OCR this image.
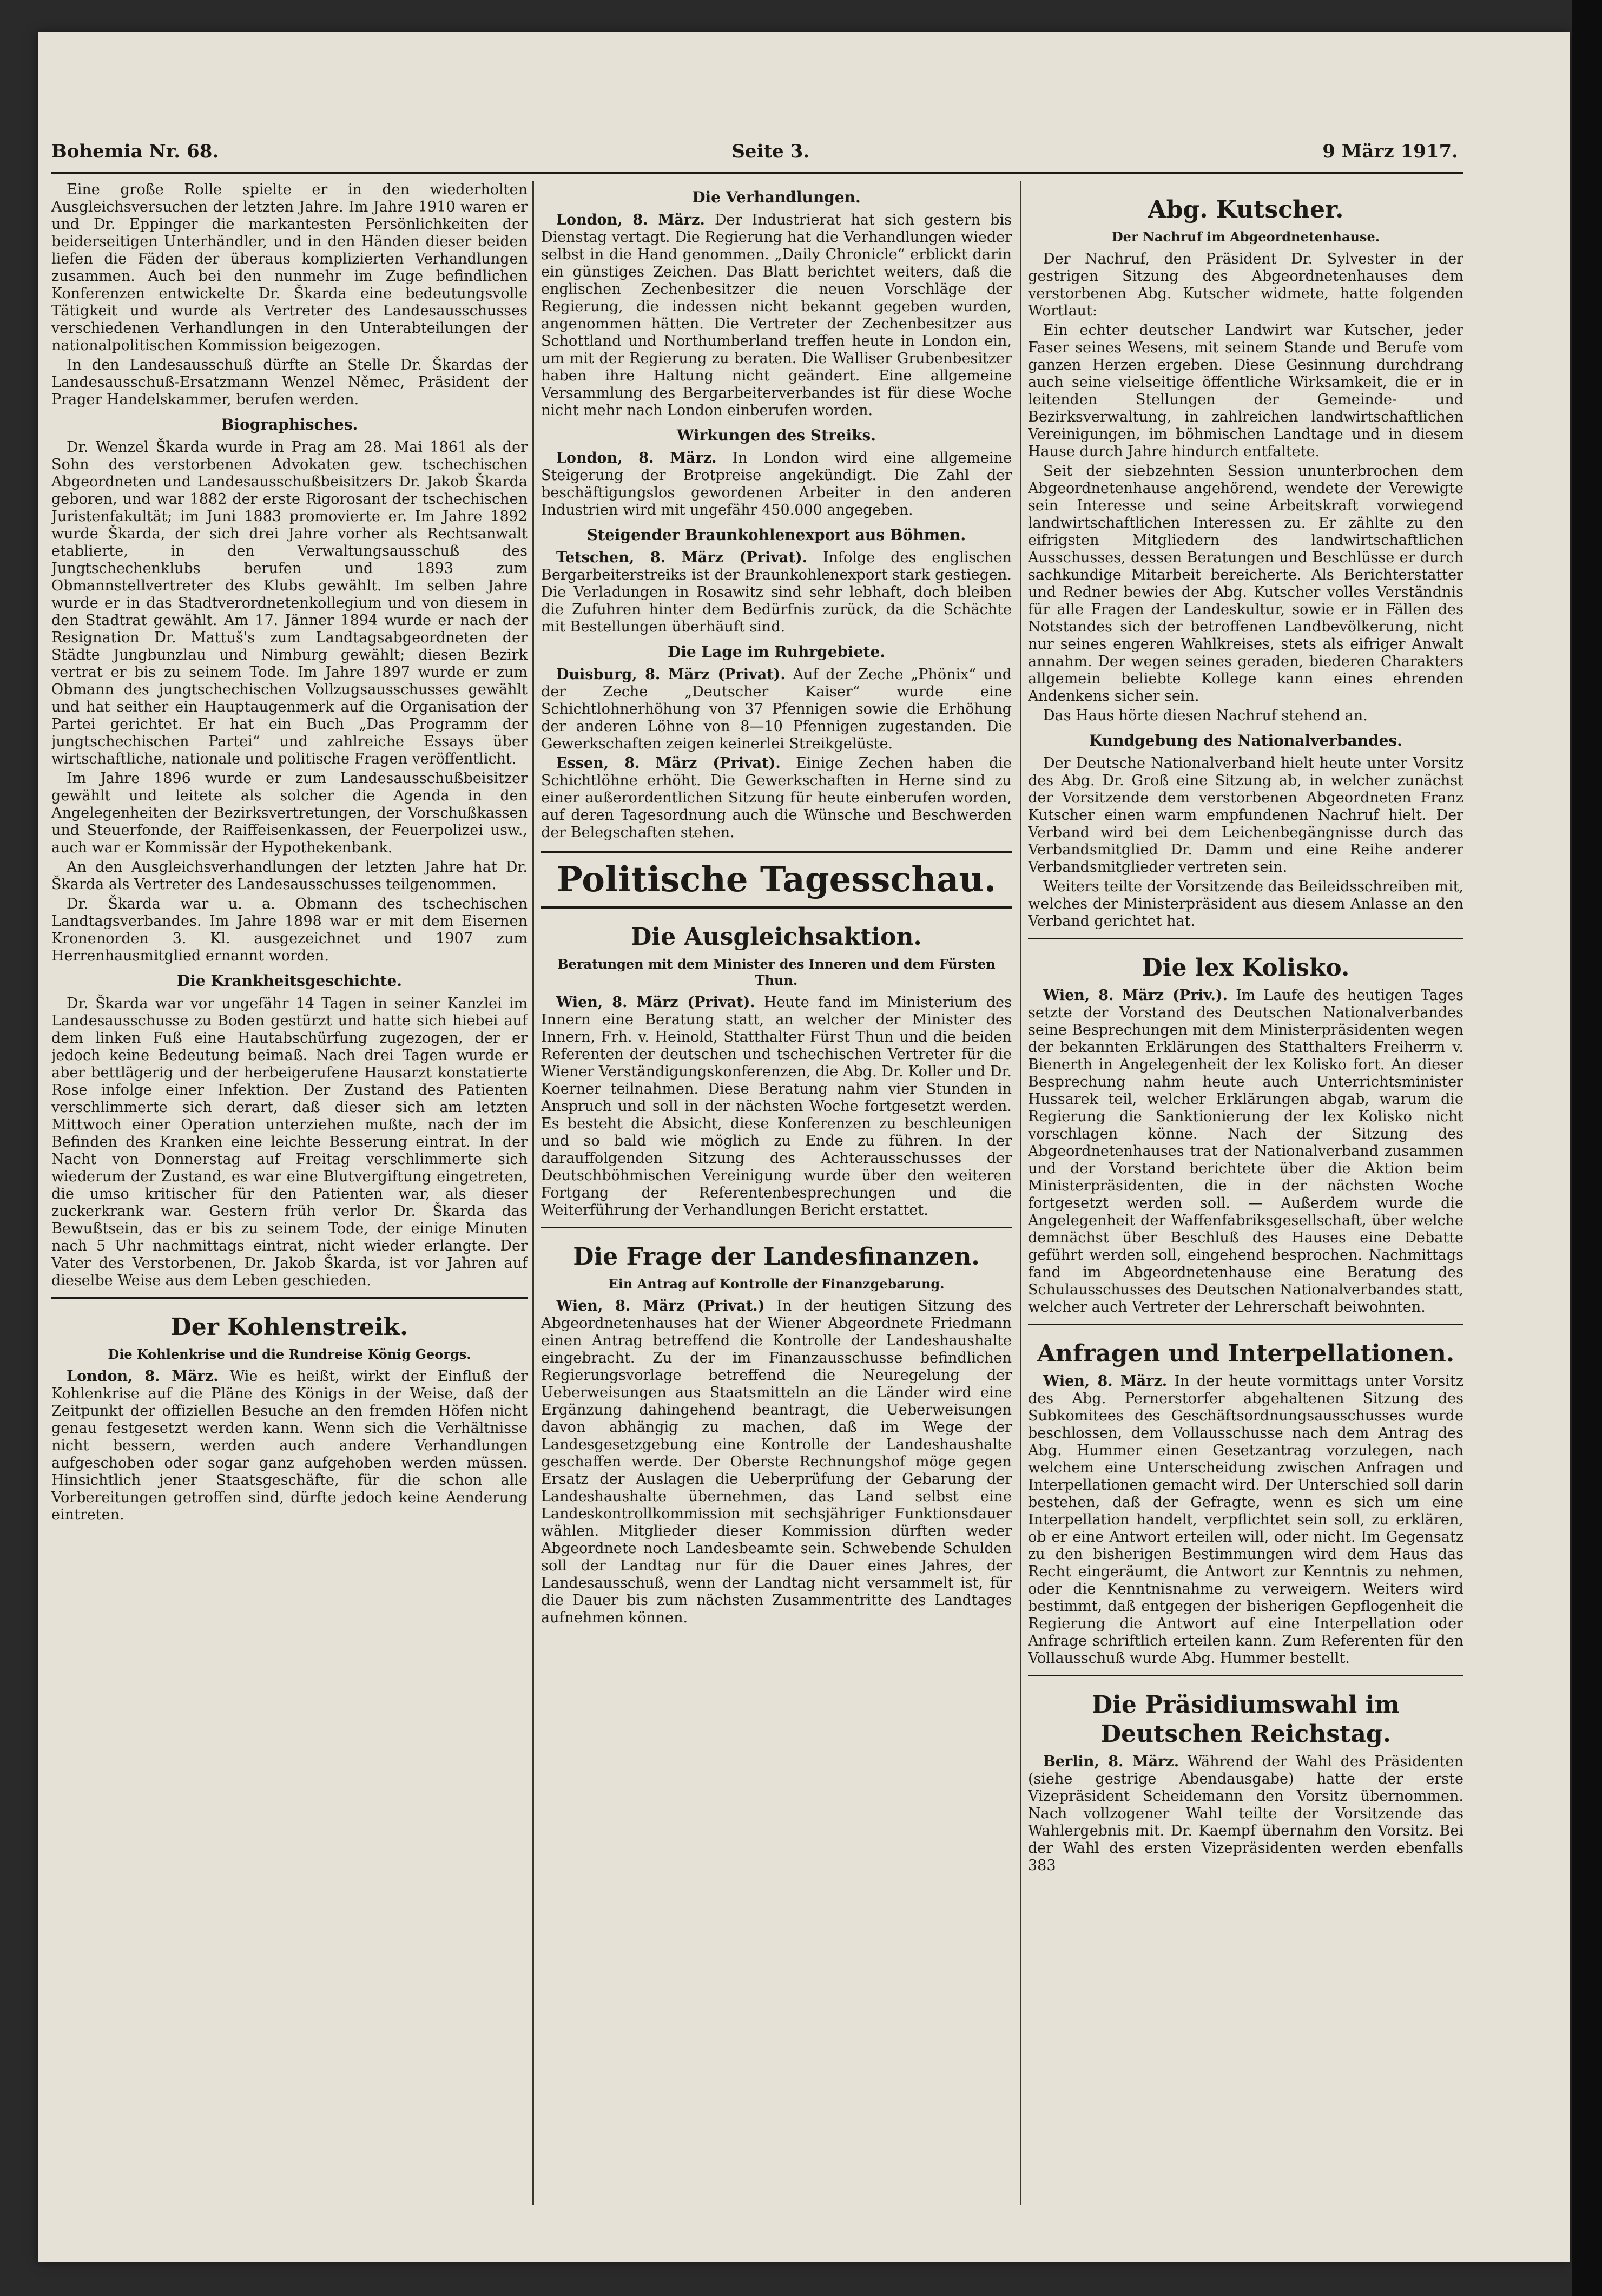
Bohemia Nr. 68.	Seite 3.	9 März 1917.

Eine große Rolle spielte er in den wiederholten Ausgleichsversuchen der letzten Jahre. Im Jahre 1910 waren er und Dr. Eppinger die markantesten Persönlichkeiten der beiderseitigen Unterhändler, und in den Händen dieser beiden liefen die Fäden der überaus komplizierten Verhandlungen zusammen. Auch bei den nunmehr im Zuge befindlichen Konferenzen entwickelte Dr. Škarda eine bedeutungsvolle Tätigkeit und wurde als Vertreter des Landesausschusses verschiedenen Verhandlungen in den Unterabteilungen der nationalpolitischen Kommission beigezogen.

In den Landesausschuß dürfte an Stelle Dr. Škardas der Landesausschuß-Ersatzmann Wenzel Němec, Präsident der Prager Handelskammer, berufen werden.

Biographisches.

Dr. Wenzel Škarda wurde in Prag am 28. Mai 1861 als der Sohn des verstorbenen Advokaten gew. tschechischen Abgeordneten und Landesausschußbeisitzers Dr. Jakob Škarda geboren, und war 1882 der erste Rigorosant der tschechischen Juristenfakultät; im Juni 1883 promovierte er. Im Jahre 1892 wurde Škarda, der sich drei Jahre vorher als Rechtsanwalt etablierte, in den Verwaltungsausschuß des Jungtschechenklubs berufen und 1893 zum Obmannstellvertreter des Klubs gewählt. Im selben Jahre wurde er in das Stadtverordnetenkollegium und von diesem in den Stadtrat gewählt. Am 17. Jänner 1894 wurde er nach der Resignation Dr. Mattuš's zum Landtagsabgeordneten der Städte Jungbunzlau und Nimburg gewählt; diesen Bezirk vertrat er bis zu seinem Tode. Im Jahre 1897 wurde er zum Obmann des jungtschechischen Vollzugsausschusses gewählt und hat seither ein Hauptaugenmerk auf die Organisation der Partei gerichtet. Er hat ein Buch „Das Programm der jungtschechischen Partei“ und zahlreiche Essays über wirtschaftliche, nationale und politische Fragen veröffentlicht.

Im Jahre 1896 wurde er zum Landesausschußbeisitzer gewählt und leitete als solcher die Agenda in den Angelegenheiten der Bezirksvertretungen, der Vorschußkassen und Steuerfonde, der Raiffeisenkassen, der Feuerpolizei usw., auch war er Kommissär der Hypothekenbank.

An den Ausgleichsverhandlungen der letzten Jahre hat Dr. Škarda als Vertreter des Landesausschusses teilgenommen.

Dr. Škarda war u. a. Obmann des tschechischen Landtagsverbandes. Im Jahre 1898 war er mit dem Eisernen Kronenorden 3. Kl. ausgezeichnet und 1907 zum Herrenhausmitglied ernannt worden.

Die Krankheitsgeschichte.

Dr. Škarda war vor ungefähr 14 Tagen in seiner Kanzlei im Landesausschusse zu Boden gestürzt und hatte sich hiebei auf dem linken Fuß eine Hautabschürfung zugezogen, der er jedoch keine Bedeutung beimaß. Nach drei Tagen wurde er aber bettlägerig und der herbeigerufene Hausarzt konstatierte Rose infolge einer Infektion. Der Zustand des Patienten verschlimmerte sich derart, daß dieser sich am letzten Mittwoch einer Operation unterziehen mußte, nach der im Befinden des Kranken eine leichte Besserung eintrat. In der Nacht von Donnerstag auf Freitag verschlimmerte sich wiederum der Zustand, es war eine Blutvergiftung eingetreten, die umso kritischer für den Patienten war, als dieser zuckerkrank war. Gestern früh verlor Dr. Škarda das Bewußtsein, das er bis zu seinem Tode, der einige Minuten nach 5 Uhr nachmittags eintrat, nicht wieder erlangte. Der Vater des Verstorbenen, Dr. Jakob Škarda, ist vor Jahren auf dieselbe Weise aus dem Leben geschieden.

Der Kohlenstreik.
Die Kohlenkrise und die Rundreise König Georgs.

London, 8. März. Wie es heißt, wirkt der Einfluß der Kohlenkrise auf die Pläne des Königs in der Weise, daß der Zeitpunkt der offiziellen Besuche an den fremden Höfen nicht genau festgesetzt werden kann. Wenn sich die Verhältnisse nicht bessern, werden auch andere Verhandlungen aufgeschoben oder sogar ganz aufgehoben werden müssen. Hinsichtlich jener Staatsgeschäfte, für die schon alle Vorbereitungen getroffen sind, dürfte jedoch keine Aenderung eintreten.

Die Verhandlungen.

London, 8. März. Der Industrierat hat sich gestern bis Dienstag vertagt. Die Regierung hat die Verhandlungen wieder selbst in die Hand genommen. „Daily Chronicle“ erblickt darin ein günstiges Zeichen. Das Blatt berichtet weiters, daß die englischen Zechenbesitzer die neuen Vorschläge der Regierung, die indessen nicht bekannt gegeben wurden, angenommen hätten. Die Vertreter der Zechenbesitzer aus Schottland und Northumberland treffen heute in London ein, um mit der Regierung zu beraten. Die Walliser Grubenbesitzer haben ihre Haltung nicht geändert. Eine allgemeine Versammlung des Bergarbeiterverbandes ist für diese Woche nicht mehr nach London einberufen worden.

Wirkungen des Streiks.

London, 8. März. In London wird eine allgemeine Steigerung der Brotpreise angekündigt. Die Zahl der beschäftigungslos gewordenen Arbeiter in den anderen Industrien wird mit ungefähr 450.000 angegeben.

Steigender Braunkohlenexport aus Böhmen.

Tetschen, 8. März (Privat). Infolge des englischen Bergarbeiterstreiks ist der Braunkohlenexport stark gestiegen. Die Verladungen in Rosawitz sind sehr lebhaft, doch bleiben die Zufuhren hinter dem Bedürfnis zurück, da die Schächte mit Bestellungen überhäuft sind.

Die Lage im Ruhrgebiete.

Duisburg, 8. März (Privat). Auf der Zeche „Phönix“ und der Zeche „Deutscher Kaiser“ wurde eine Schichtlohnerhöhung von 37 Pfennigen sowie die Erhöhung der anderen Löhne von 8—10 Pfennigen zugestanden. Die Gewerkschaften zeigen keinerlei Streikgelüste.

Essen, 8. März (Privat). Einige Zechen haben die Schichtlöhne erhöht. Die Gewerkschaften in Herne sind zu einer außerordentlichen Sitzung für heute einberufen worden, auf deren Tagesordnung auch die Wünsche und Beschwerden der Belegschaften stehen.

Politische Tagesschau.
Die Ausgleichsaktion.
Beratungen mit dem Minister des Inneren und dem Fürsten Thun.

Wien, 8. März (Privat). Heute fand im Ministerium des Innern eine Beratung statt, an welcher der Minister des Innern, Frh. v. Heinold, Statthalter Fürst Thun und die beiden Referenten der deutschen und tschechischen Vertreter für die Wiener Verständigungskonferenzen, die Abg. Dr. Koller und Dr. Koerner teilnahmen. Diese Beratung nahm vier Stunden in Anspruch und soll in der nächsten Woche fortgesetzt werden. Es besteht die Absicht, diese Konferenzen zu beschleunigen und so bald wie möglich zu Ende zu führen. In der darauffolgenden Sitzung des Achterausschusses der Deutschböhmischen Vereinigung wurde über den weiteren Fortgang der Referentenbesprechungen und die Weiterführung der Verhandlungen Bericht erstattet.

Die Frage der Landesfinanzen.
Ein Antrag auf Kontrolle der Finanzgebarung.

Wien, 8. März (Privat.) In der heutigen Sitzung des Abgeordnetenhauses hat der Wiener Abgeordnete Friedmann einen Antrag betreffend die Kontrolle der Landeshaushalte eingebracht. Zu der im Finanzausschusse befindlichen Regierungsvorlage betreffend die Neuregelung der Ueberweisungen aus Staatsmitteln an die Länder wird eine Ergänzung dahingehend beantragt, die Ueberweisungen davon abhängig zu machen, daß im Wege der Landesgesetzgebung eine Kontrolle der Landeshaushalte geschaffen werde. Der Oberste Rechnungshof möge gegen Ersatz der Auslagen die Ueberprüfung der Gebarung der Landeshaushalte übernehmen, das Land selbst eine Landeskontrollkommission mit sechsjähriger Funktionsdauer wählen. Mitglieder dieser Kommission dürften weder Abgeordnete noch Landesbeamte sein. Schwebende Schulden soll der Landtag nur für die Dauer eines Jahres, der Landesausschuß, wenn der Landtag nicht versammelt ist, für die Dauer bis zum nächsten Zusammentritte des Landtages aufnehmen können.

Abg. Kutscher.
Der Nachruf im Abgeordnetenhause.

Der Nachruf, den Präsident Dr. Sylvester in der gestrigen Sitzung des Abgeordnetenhauses dem verstorbenen Abg. Kutscher widmete, hatte folgenden Wortlaut:

Ein echter deutscher Landwirt war Kutscher, jeder Faser seines Wesens, mit seinem Stande und Berufe vom ganzen Herzen ergeben. Diese Gesinnung durchdrang auch seine vielseitige öffentliche Wirksamkeit, die er in leitenden Stellungen der Gemeinde- und Bezirksverwaltung, in zahlreichen landwirtschaftlichen Vereinigungen, im böhmischen Landtage und in diesem Hause durch Jahre hindurch entfaltete.

Seit der siebzehnten Session ununterbrochen dem Abgeordnetenhause angehörend, wendete der Verewigte sein Interesse und seine Arbeitskraft vorwiegend landwirtschaftlichen Interessen zu. Er zählte zu den eifrigsten Mitgliedern des landwirtschaftlichen Ausschusses, dessen Beratungen und Beschlüsse er durch sachkundige Mitarbeit bereicherte. Als Berichterstatter und Redner bewies der Abg. Kutscher volles Verständnis für alle Fragen der Landeskultur, sowie er in Fällen des Notstandes sich der betroffenen Landbevölkerung, nicht nur seines engeren Wahlkreises, stets als eifriger Anwalt annahm. Der wegen seines geraden, biederen Charakters allgemein beliebte Kollege kann eines ehrenden Andenkens sicher sein.

Das Haus hörte diesen Nachruf stehend an.

Kundgebung des Nationalverbandes.

Der Deutsche Nationalverband hielt heute unter Vorsitz des Abg. Dr. Groß eine Sitzung ab, in welcher zunächst der Vorsitzende dem verstorbenen Abgeordneten Franz Kutscher einen warm empfundenen Nachruf hielt. Der Verband wird bei dem Leichenbegängnisse durch das Verbandsmitglied Dr. Damm und eine Reihe anderer Verbandsmitglieder vertreten sein.

Weiters teilte der Vorsitzende das Beileidsschreiben mit, welches der Ministerpräsident aus diesem Anlasse an den Verband gerichtet hat.

Die lex Kolisko.

Wien, 8. März (Priv.). Im Laufe des heutigen Tages setzte der Vorstand des Deutschen Nationalverbandes seine Besprechungen mit dem Ministerpräsidenten wegen der bekannten Erklärungen des Statthalters Freiherrn v. Bienerth in Angelegenheit der lex Kolisko fort. An dieser Besprechung nahm heute auch Unterrichtsminister Hussarek teil, welcher Erklärungen abgab, warum die Regierung die Sanktionierung der lex Kolisko nicht vorschlagen könne. Nach der Sitzung des Abgeordnetenhauses trat der Nationalverband zusammen und der Vorstand berichtete über die Aktion beim Ministerpräsidenten, die in der nächsten Woche fortgesetzt werden soll. — Außerdem wurde die Angelegenheit der Waffenfabriksgesellschaft, über welche demnächst über Beschluß des Hauses eine Debatte geführt werden soll, eingehend besprochen. Nachmittags fand im Abgeordnetenhause eine Beratung des Schulausschusses des Deutschen Nationalverbandes statt, welcher auch Vertreter der Lehrerschaft beiwohnten.

Anfragen und Interpellationen.

Wien, 8. März. In der heute vormittags unter Vorsitz des Abg. Pernerstorfer abgehaltenen Sitzung des Subkomitees des Geschäftsordnungsausschusses wurde beschlossen, dem Vollausschusse nach dem Antrag des Abg. Hummer einen Gesetzantrag vorzulegen, nach welchem eine Unterscheidung zwischen Anfragen und Interpellationen gemacht wird. Der Unterschied soll darin bestehen, daß der Gefragte, wenn es sich um eine Interpellation handelt, verpflichtet sein soll, zu erklären, ob er eine Antwort erteilen will, oder nicht. Im Gegensatz zu den bisherigen Bestimmungen wird dem Haus das Recht eingeräumt, die Antwort zur Kenntnis zu nehmen, oder die Kenntnisnahme zu verweigern. Weiters wird bestimmt, daß entgegen der bisherigen Gepflogenheit die Regierung die Antwort auf eine Interpellation oder Anfrage schriftlich erteilen kann. Zum Referenten für den Vollausschuß wurde Abg. Hummer bestellt.

Die Präsidiumswahl im Deutschen Reichstag.

Berlin, 8. März. Während der Wahl des Präsidenten (siehe gestrige Abendausgabe) hatte der erste Vizepräsident Scheidemann den Vorsitz übernommen. Nach vollzogener Wahl teilte der Vorsitzende das Wahlergebnis mit. Dr. Kaempf übernahm den Vorsitz. Bei der Wahl des ersten Vizepräsidenten werden ebenfalls 383
